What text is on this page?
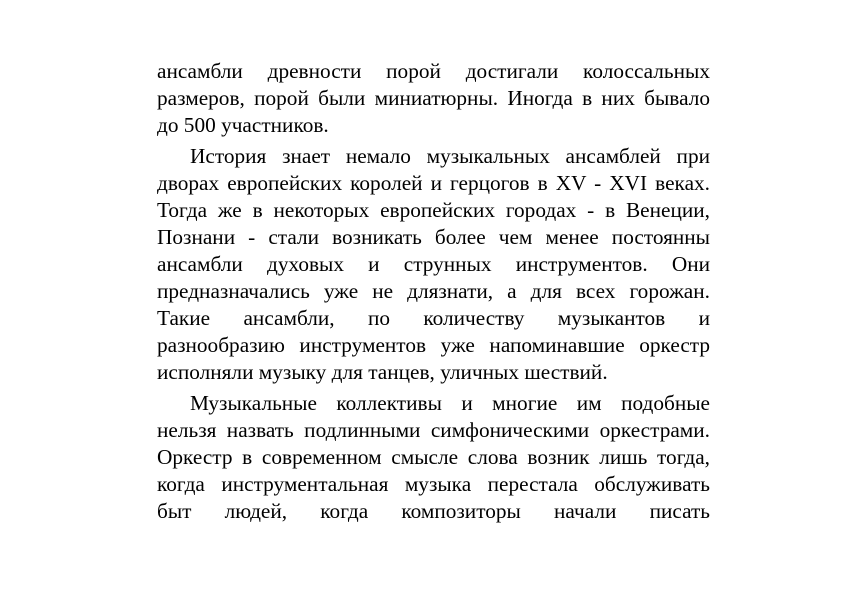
ансамбли древности порой достигали колоссальных
размеров, порой были миниатюрны. Иногда в них бывало
до 500 участников.
История знает немало музыкальных ансамблей при
дворах европейских королей и герцогов в XV - XVI веках.
Тогда же в некоторых европейских городах - в Венеции,
Познани - стали возникать более чем менее постоянны
ансамбли духовых и струнных инструментов. Они
предназначались уже не длязнати, а для всех горожан.
Такие ансамбли, по количеству музыкантов и
разнообразию инструментов уже напоминавшие оркестр
исполняли музыку для танцев, уличных шествий.
Музыкальные коллективы и многие им подобные
нельзя назвать подлинными симфоническими оркестрами.
Оркестр в современном смысле слова возник лишь тогда,
когда инструментальная музыка перестала обслуживать
быт людей, когда композиторы начали писать
